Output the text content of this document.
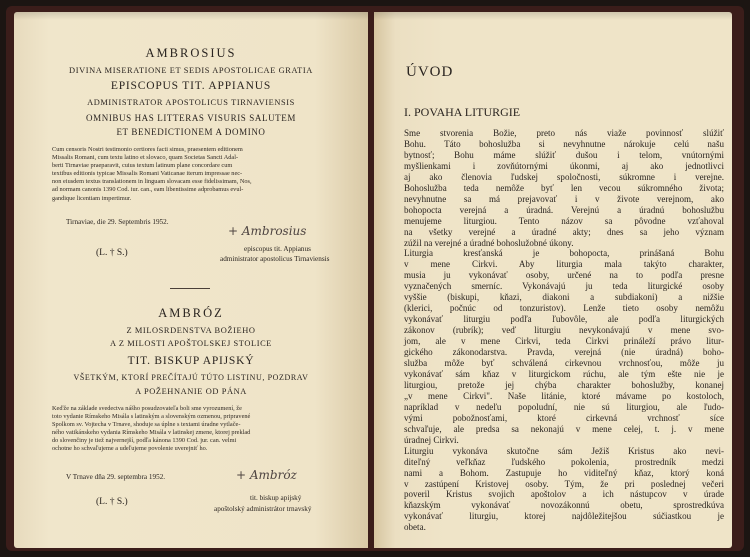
AMBROSIUS
DIVINA MISERATIONE ET SEDIS APOSTOLICAE GRATIA
EPISCOPUS TIT. APPIANUS
ADMINISTRATOR APOSTOLICUS TIRNAVIENSIS
OMNIBUS HAS LITTERAS VISURIS SALUTEM
ET BENEDICTIONEM A DOMINO
Cum censoris Nostri testimonio certiores facti simus, praesentem editionem
Missalis Romani, cum textu latino et slovaco, quam Societas Sancti Adal-
berti Tirnaviae praeparavit, cuius textum latinum plane concordare cum
textibus editionis typicae Missalis Romani Vaticanae iterum impressae nec-
non eiusdem textus translationem in linguam slovacam esse fidelissimam, Nos,
ad normam canonis 1390 Cod. iur. can., eam libentissime adprobamus evul-
gandique licentiam impertimur.
Tirnaviae, die 29. Septembris 1952.
+ Ambrosius
(L. † S.)	episcopus tit. Appianus
administrator apostolicus Tirnaviensis
AMBRÓZ
Z MILOSRDENSTVA BOŽIEHO
A Z MILOSTI APOŠTOLSKEJ STOLICE
TIT. BISKUP APIJSKÝ
VŠETKÝM, KTORÍ PREČÍTAJÚ TÚTO LISTINU, POZDRAV
A POŽEHNANIE OD PÁNA
Keďže na základe svedectva nášho posudzovateľa boli sme vyrozumení, že
toto vydanie Rímskeho Misála s latinským a slovenským ozmenou, pripravené
Spolkom sv. Vojtecha v Trnave, shoduje sa úplne s textami úradne vytlače-
ného vatikánskeho vydania Rímskeho Misála v latinskej zmene, ktorej preklad
do slovenčiny je tiež najvernejší, podľa kánona 1390 Cod. jur. can. velmi
ochotne ho schvaľujeme a udeľujeme povolenie uverejniť ho.
V Trnave dňa 29. septembra 1952.	+ Ambróz
(L. † S.)	tit. biskup apijský
apoštolský administrátor trnavský
ÚVOD
I. POVAHA LITURGIE
Sme stvorenia Božie, preto nás viaže povinnosť slúžiť
Bohu. Táto bohoslužba si nevyhnutne nárokuje celú našu
bytnosť; Bohu máme slúžiť dušou i telom, vnútornými
myšlienkami i zovňútornými úkonmi, aj ako jednotlivci
aj ako členovia ľudskej spoločnosti, súkromne i verejne.
Bohoslužba teda nemôže byť len vecou súkromného života;
nevyhnutne sa má prejavovať i v živote verejnom, ako
bohopocta verejná a úradná. Verejnú a úradnú bohoslužbu
menujeme liturgiou. Tento názov sa pôvodne vzťahoval
na všetky verejné a úradné akty; dnes sa jeho význam
zúžil na verejné a úradné bohoslužobné úkony.
Liturgia kresťanská je bohopocta, prinášaná Bohu
v mene Cirkvi. Aby liturgia mala takýto charakter,
musia ju vykonávať osoby, určené na to podľa presne
vyznačených smerníc. Vykonávajú ju teda liturgické osoby
vyššie (biskupi, kňazi, diakoni a subdiakoni) a nižšie
(klerici, počnúc od tonzuristov). Lenže tieto osoby nemôžu
vykonávať liturgiu podľa ľubovôle, ale podľa liturgických
zákonov (rubrík); veď liturgiu nevykonávajú v mene svo-
jom, ale v mene Cirkvi, teda Cirkvi prináleží právo litur-
gického zákonodarstva. Pravda, verejná (nie úradná) boho-
služba môže byť schválená cirkevnou vrchnosťou, môže ju
vykonávať sám kňaz v liturgickom rúchu, ale tým ešte nie je
liturgiou, pretože jej chýba charakter bohoslužby, konanej
„v mene Cirkvi". Naše litánie, ktoré mávame po kostoloch,
napríklad v nedeľu popoludní, nie sú liturgiou, ale ľudo-
vými pobožnosťami, ktoré cirkevná vrchnosť síce
schvaľuje, ale predsa sa nekonajú v mene celej, t. j. v mene
úradnej Cirkvi.
Liturgiu vykonáva skutočne sám Ježiš Kristus ako nevi-
diteľný veľkňaz ľudského pokolenia, prostredník medzi
nami a Bohom. Zastupuje ho viditeľný kňaz, ktorý koná
v zastúpení Kristovej osoby. Tým, že pri poslednej večeri
poveril Kristus svojich apoštolov a ich nástupcov v úrade
kňazským vykonávať novozákonnú obetu, sprostredkúva
vykonávať liturgiu, ktorej najdôležitejšou súčiastkou je
obeta.
